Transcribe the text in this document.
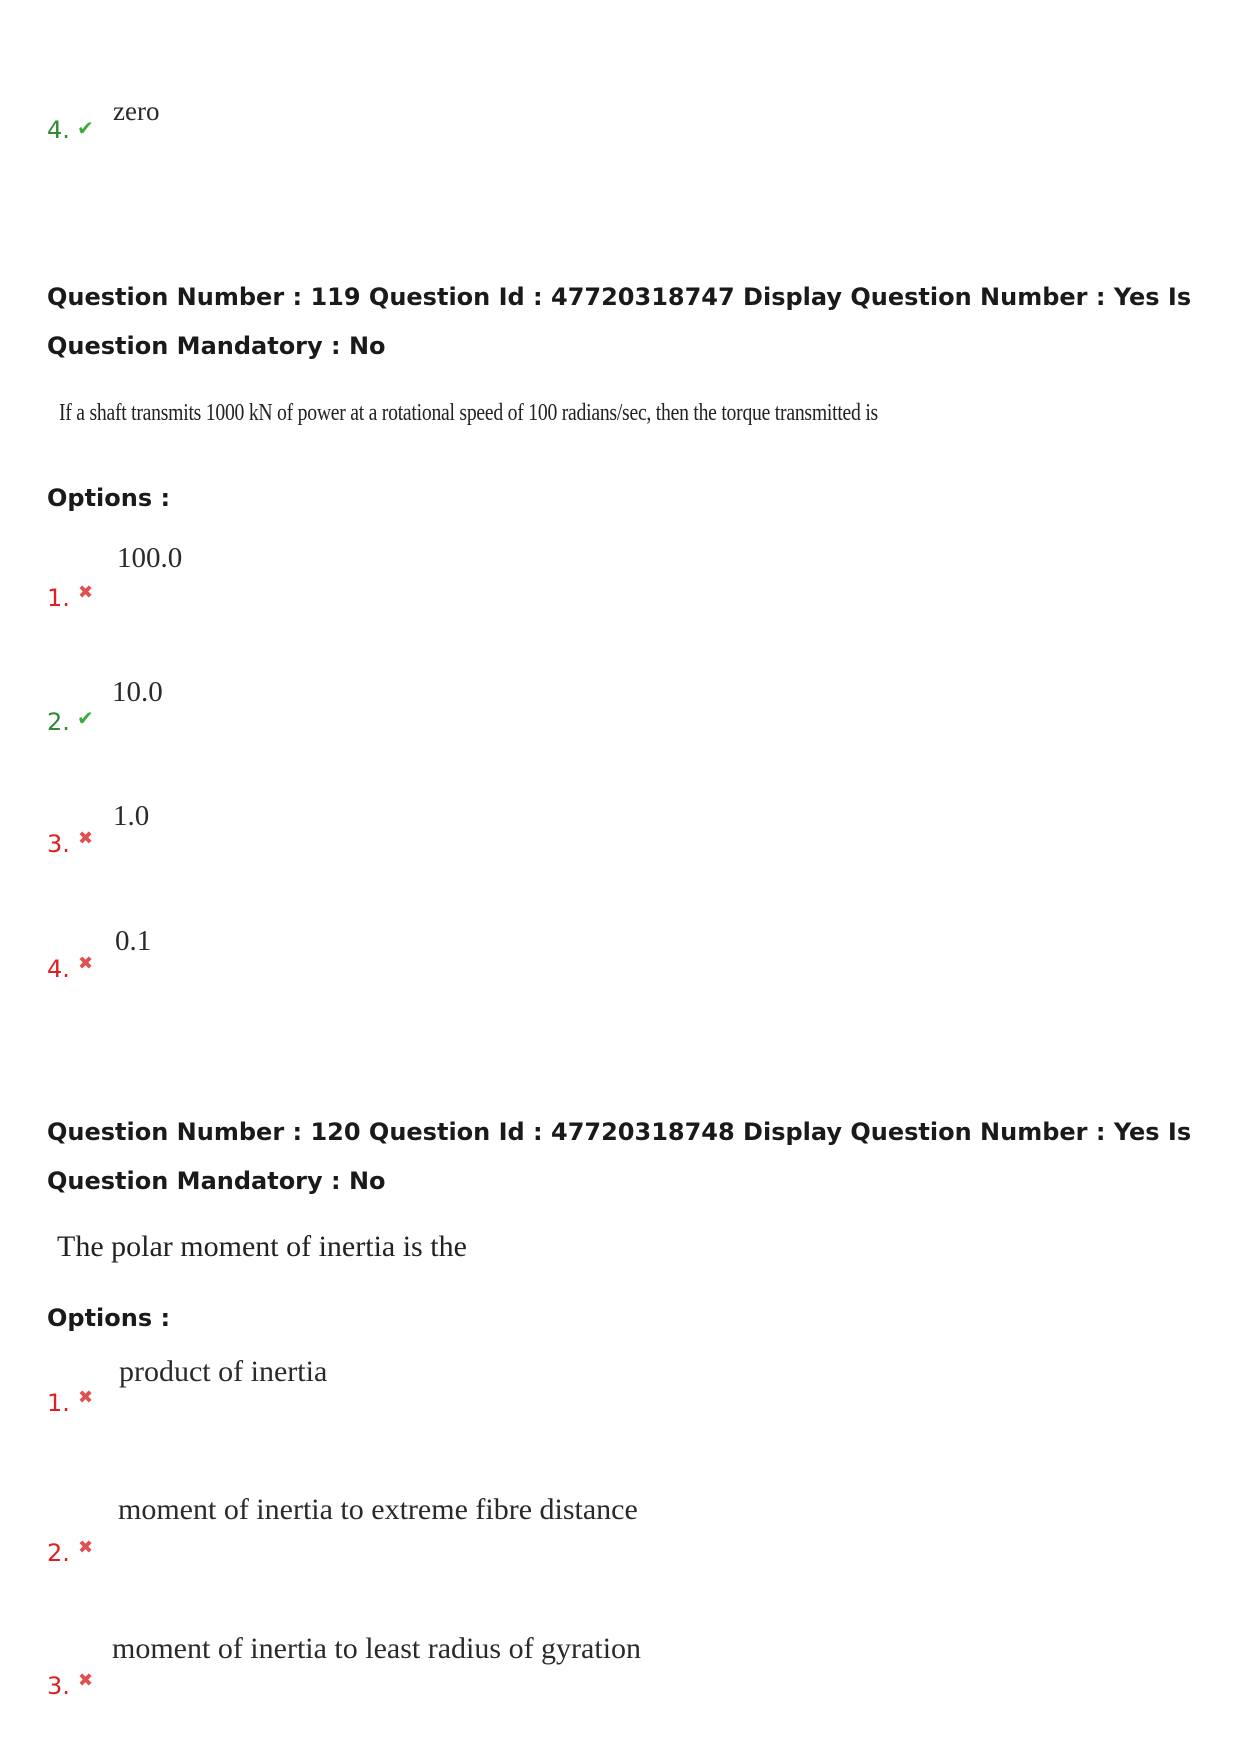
4. ✔
zero
Question Number : 119 Question Id : 47720318747 Display Question Number : Yes Is Question Mandatory : No
If a shaft transmits 1000 kN of power at a rotational speed of 100 radians/sec, then the torque transmitted is
Options :
1. ✖
100.0
2. ✔
10.0
3. ✖
1.0
4. ✖
0.1
Question Number : 120 Question Id : 47720318748 Display Question Number : Yes Is Question Mandatory : No
The polar moment of inertia is the
Options :
1. ✖
product of inertia
2. ✖
moment of inertia to extreme fibre distance
3. ✖
moment of inertia to least radius of gyration
